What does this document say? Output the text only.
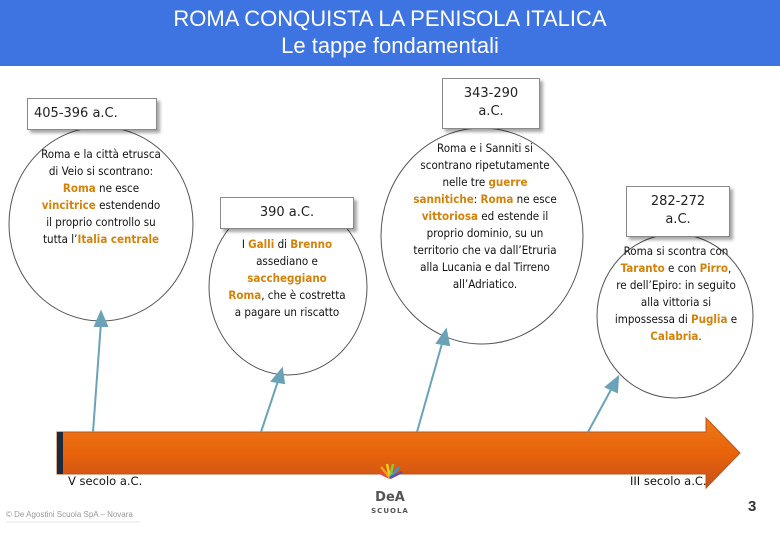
ROMA CONQUISTA LA PENISOLA ITALICA
Le tappe fondamentali
405-396 a.C.
Roma e la città etrusca di Veio si scontrano: Roma ne esce vincitrice estendendo il proprio controllo su tutta l’Italia centrale
390 a.C.
I Galli di Brenno assediano e saccheggiano Roma, che è costretta a pagare un riscatto
343-290
a.C.
Roma e i Sanniti si scontrano ripetutamente nelle tre guerre sannitiche: Roma ne esce vittoriosa ed estende il proprio dominio, su un territorio che va dall’Etruria alla Lucania e dal Tirreno all’Adriatico.
282-272
a.C.
Roma si scontra con Taranto e con Pirro, re dell’Epiro: in seguito alla vittoria si impossessa di Puglia e Calabria.
V secolo a.C.	III secolo a.C.
© De Agostini Scuola SpA – Novara
DeA
SCUOLA	3
